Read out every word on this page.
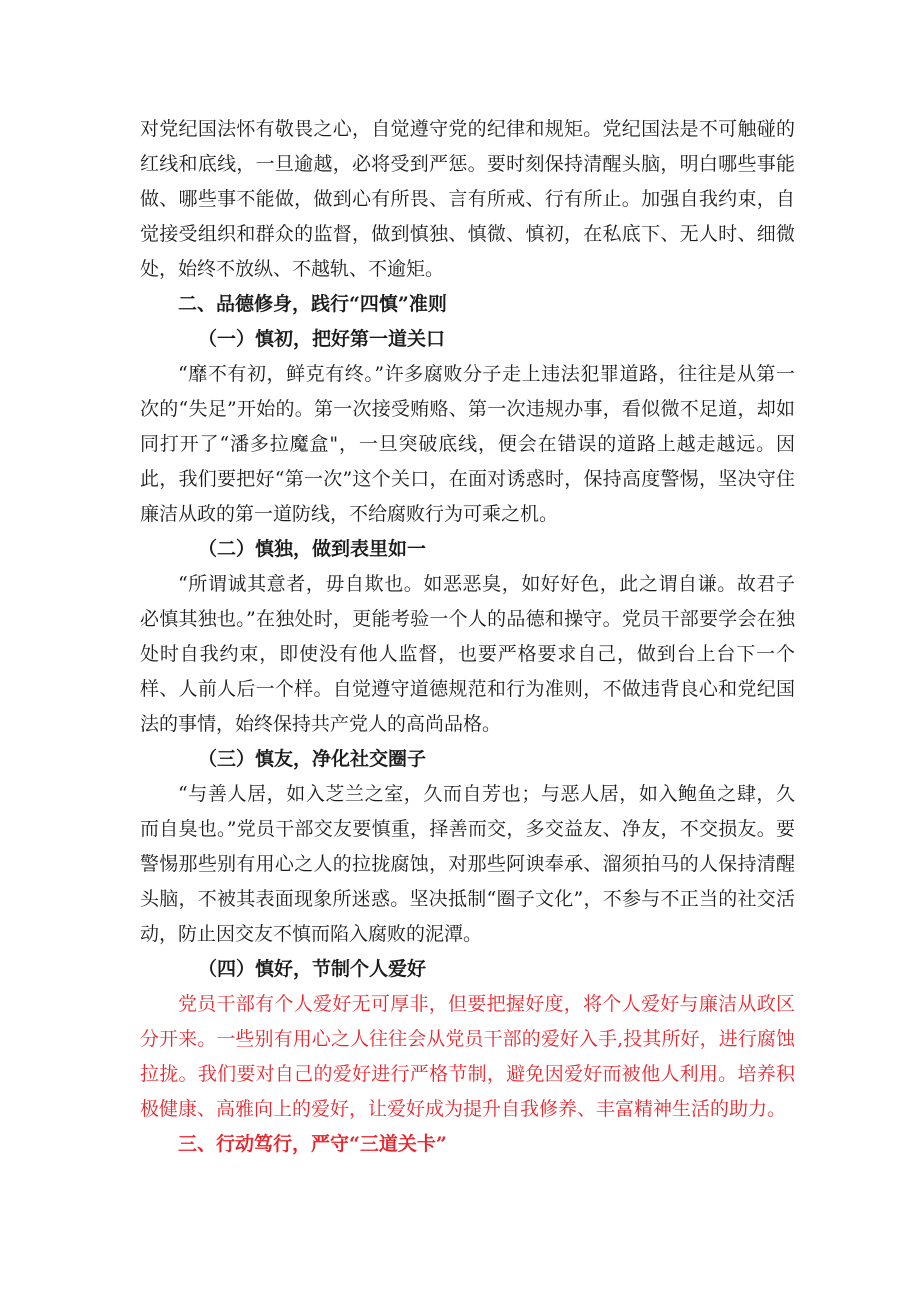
对党纪国法怀有敬畏之心，自觉遵守党的纪律和规矩。党纪国法是不可触碰的红线和底线，一旦逾越，必将受到严惩。要时刻保持清醒头脑，明白哪些事能做、哪些事不能做，做到心有所畏、言有所戒、行有所止。加强自我约束，自觉接受组织和群众的监督，做到慎独、慎微、慎初，在私底下、无人时、细微处，始终不放纵、不越轨、不逾矩。

二、品德修身，践行“四慎”准则
（一）慎初，把好第一道关口

“靡不有初，鲜克有终。”许多腐败分子走上违法犯罪道路，往往是从第一次的“失足”开始的。第一次接受贿赂、第一次违规办事，看似微不足道，却如同打开了“潘多拉魔盒"，一旦突破底线，便会在错误的道路上越走越远。因此，我们要把好“第一次”这个关口，在面对诱惑时，保持高度警惕，坚决守住廉洁从政的第一道防线，不给腐败行为可乘之机。

（二）慎独，做到表里如一

“所谓诚其意者，毋自欺也。如恶恶臭，如好好色，此之谓自谦。故君子必慎其独也。”在独处时，更能考验一个人的品德和操守。党员干部要学会在独处时自我约束，即使没有他人监督，也要严格要求自己，做到台上台下一个样、人前人后一个样。自觉遵守道德规范和行为准则，不做违背良心和党纪国法的事情，始终保持共产党人的高尚品格。

（三）慎友，净化社交圈子

“与善人居，如入芝兰之室，久而自芳也；与恶人居，如入鲍鱼之肆，久而自臭也。”党员干部交友要慎重，择善而交，多交益友、净友，不交损友。要警惕那些别有用心之人的拉拢腐蚀，对那些阿谀奉承、溜须拍马的人保持清醒头脑，不被其表面现象所迷惑。坚决抵制“圈子文化”，不参与不正当的社交活动，防止因交友不慎而陷入腐败的泥潭。

（四）慎好，节制个人爱好

党员干部有个人爱好无可厚非，但要把握好度，将个人爱好与廉洁从政区分开来。一些别有用心之人往往会从党员干部的爱好入手,投其所好，进行腐蚀拉拢。我们要对自己的爱好进行严格节制，避免因爱好而被他人利用。培养积极健康、高雅向上的爱好，让爱好成为提升自我修养、丰富精神生活的助力。

三、行动笃行，严守“三道关卡”
